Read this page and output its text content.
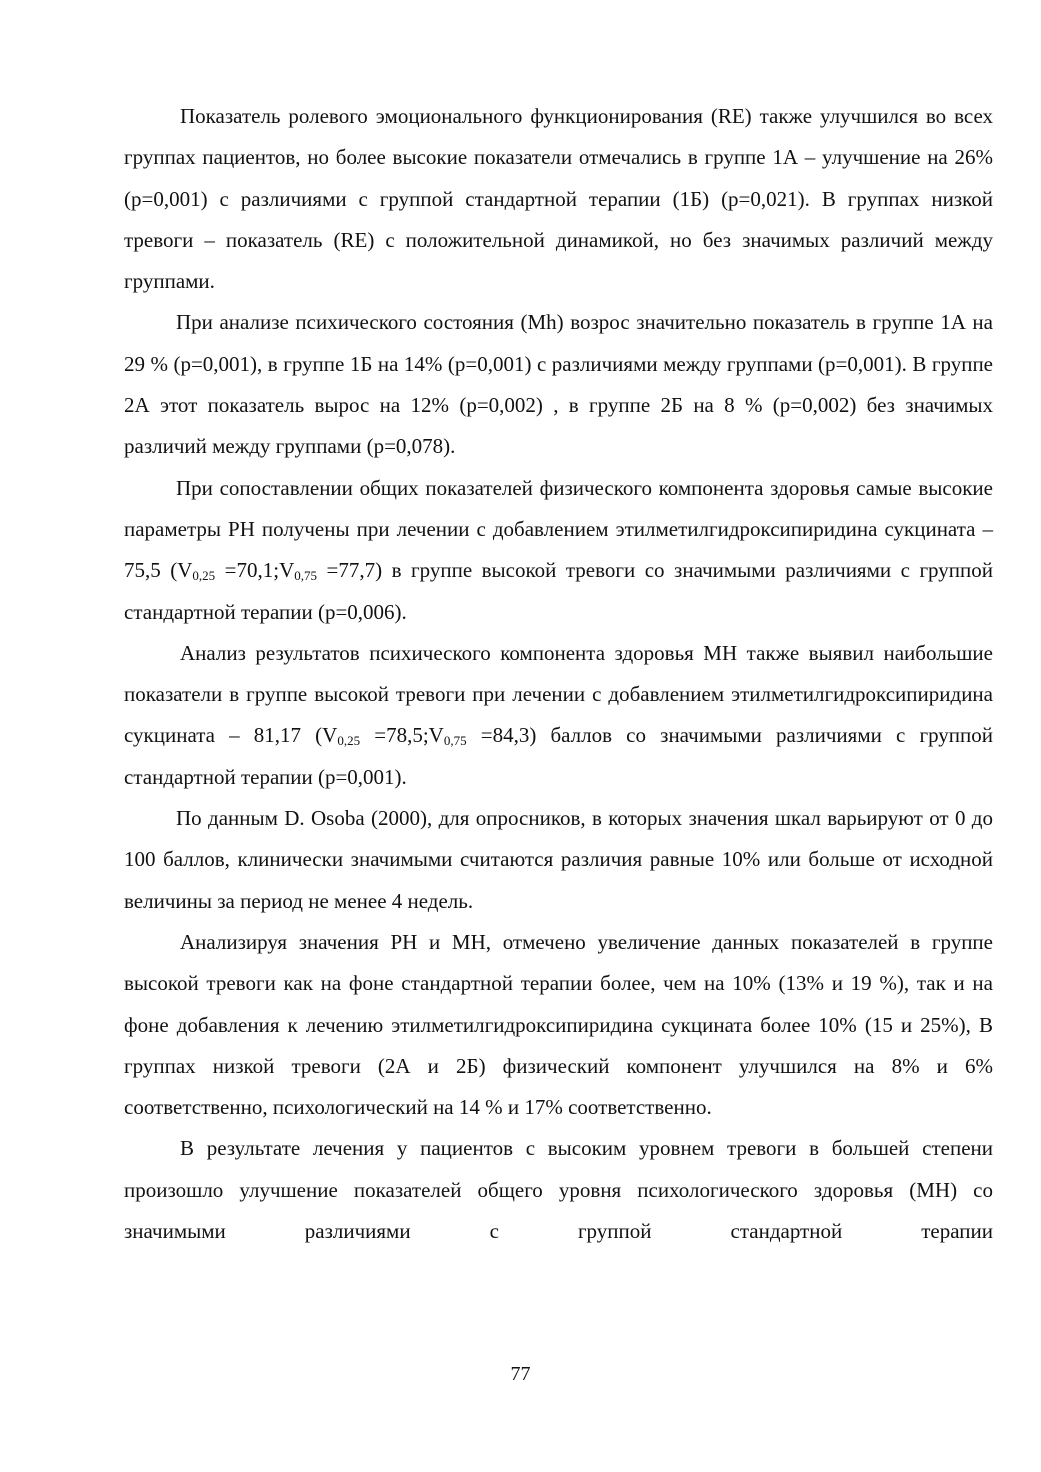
Показатель ролевого эмоционального функционирования (RE) также улучшился во всех группах пациентов, но более высокие показатели отмечались в группе 1А – улучшение на 26% (р=0,001) с различиями с группой стандартной терапии (1Б) (р=0,021). В группах низкой тревоги – показатель (RE) с положительной динамикой, но без значимых различий между группами.

При анализе психического состояния (Mh) возрос значительно показатель в группе 1А на 29 % (р=0,001), в группе 1Б на 14% (р=0,001) с различиями между группами (р=0,001). В группе 2А этот показатель вырос на 12% (р=0,002) , в группе 2Б на 8 % (р=0,002) без значимых различий между группами (р=0,078).

При сопоставлении общих показателей физического компонента здоровья самые высокие параметры PH получены при лечении с добавлением этилметилгидроксипиридина сукцината – 75,5 ($V_{0,25}$ $=70,1;V_{0,75} =77,7$) в группе высокой тревоги со значимыми различиями с группой стандартной терапии (р=0,006).

Анализ результатов психического компонента здоровья MH также выявил наибольшие показатели в группе высокой тревоги при лечении с добавлением этилметилгидроксипиридина сукцината – 81,17 ($V_{0,25}$ $=78,5;V_{0,75} =84,3$) баллов со значимыми различиями с группой стандартной терапии (р=0,001).

По данным D. Osoba (2000), для опросников, в которых значения шкал варьируют от 0 до 100 баллов, клинически значимыми считаются различия равные 10% или больше от исходной величины за период не менее 4 недель.

Анализируя значения PH и MH, отмечено увеличение данных показателей в группе высокой тревоги как на фоне стандартной терапии более, чем на 10% (13% и 19 %), так и на фоне добавления к лечению этилметилгидроксипиридина сукцината более 10% (15 и 25%), В группах низкой тревоги (2А и 2Б) физический компонент улучшился на 8% и 6% соответственно, психологический на 14 % и 17% соответственно.

В результате лечения у пациентов с высоким уровнем тревоги в большей степени произошло улучшение показателей общего уровня психологического здоровья (MH) со значимыми различиями с группой стандартной терапии

77
